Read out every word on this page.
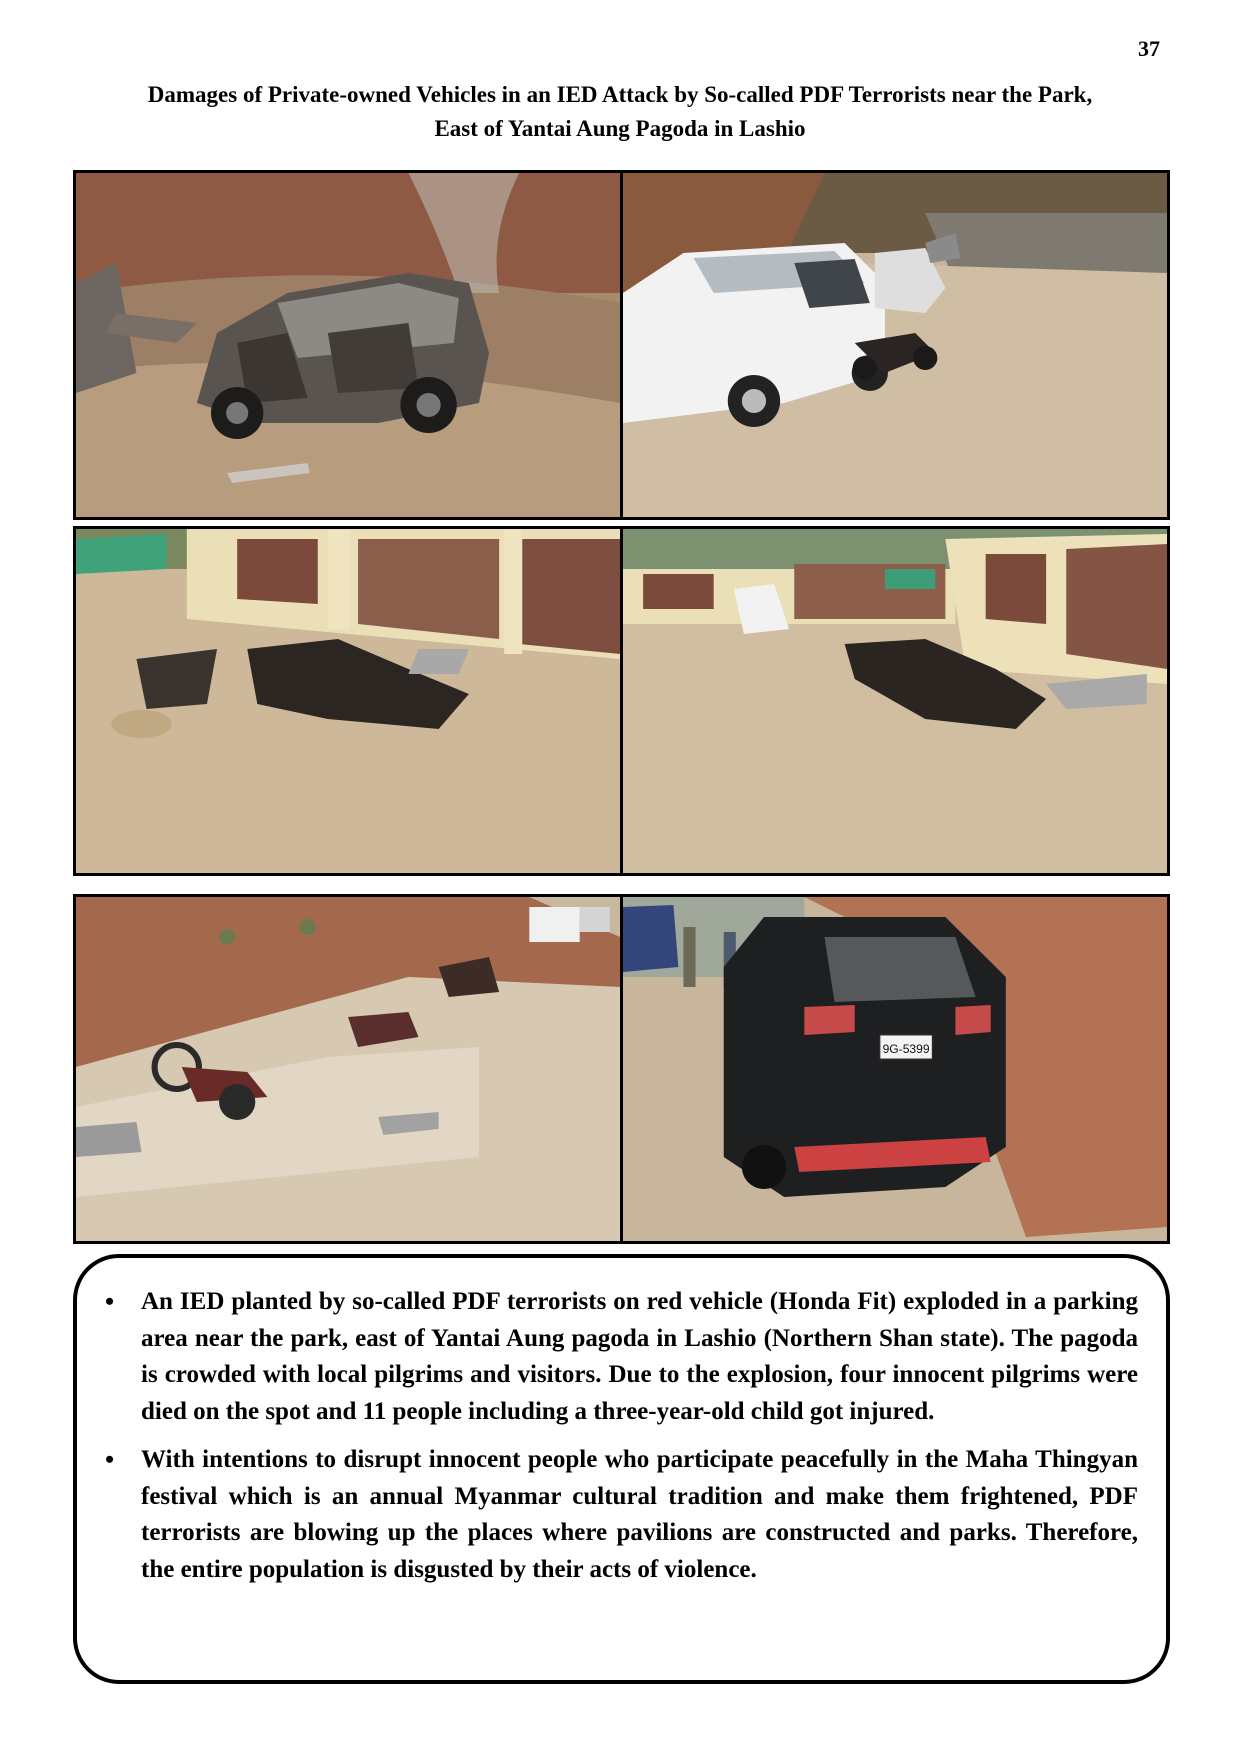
37
Damages of Private-owned Vehicles in an IED Attack by So-called PDF Terrorists near the Park,
East of Yantai Aung Pagoda in Lashio
9G-5399
• An IED planted by so-called PDF terrorists on red vehicle (Honda Fit) exploded in a parking area near the park, east of Yantai Aung pagoda in Lashio (Northern Shan state). The pagoda is crowded with local pilgrims and visitors. Due to the explosion, four innocent pilgrims were died on the spot and 11 people including a three-year-old child got injured.
• With intentions to disrupt innocent people who participate peacefully in the Maha Thingyan festival which is an annual Myanmar cultural tradition and make them frightened, PDF terrorists are blowing up the places where pavilions are constructed and parks. Therefore, the entire population is disgusted by their acts of violence.
